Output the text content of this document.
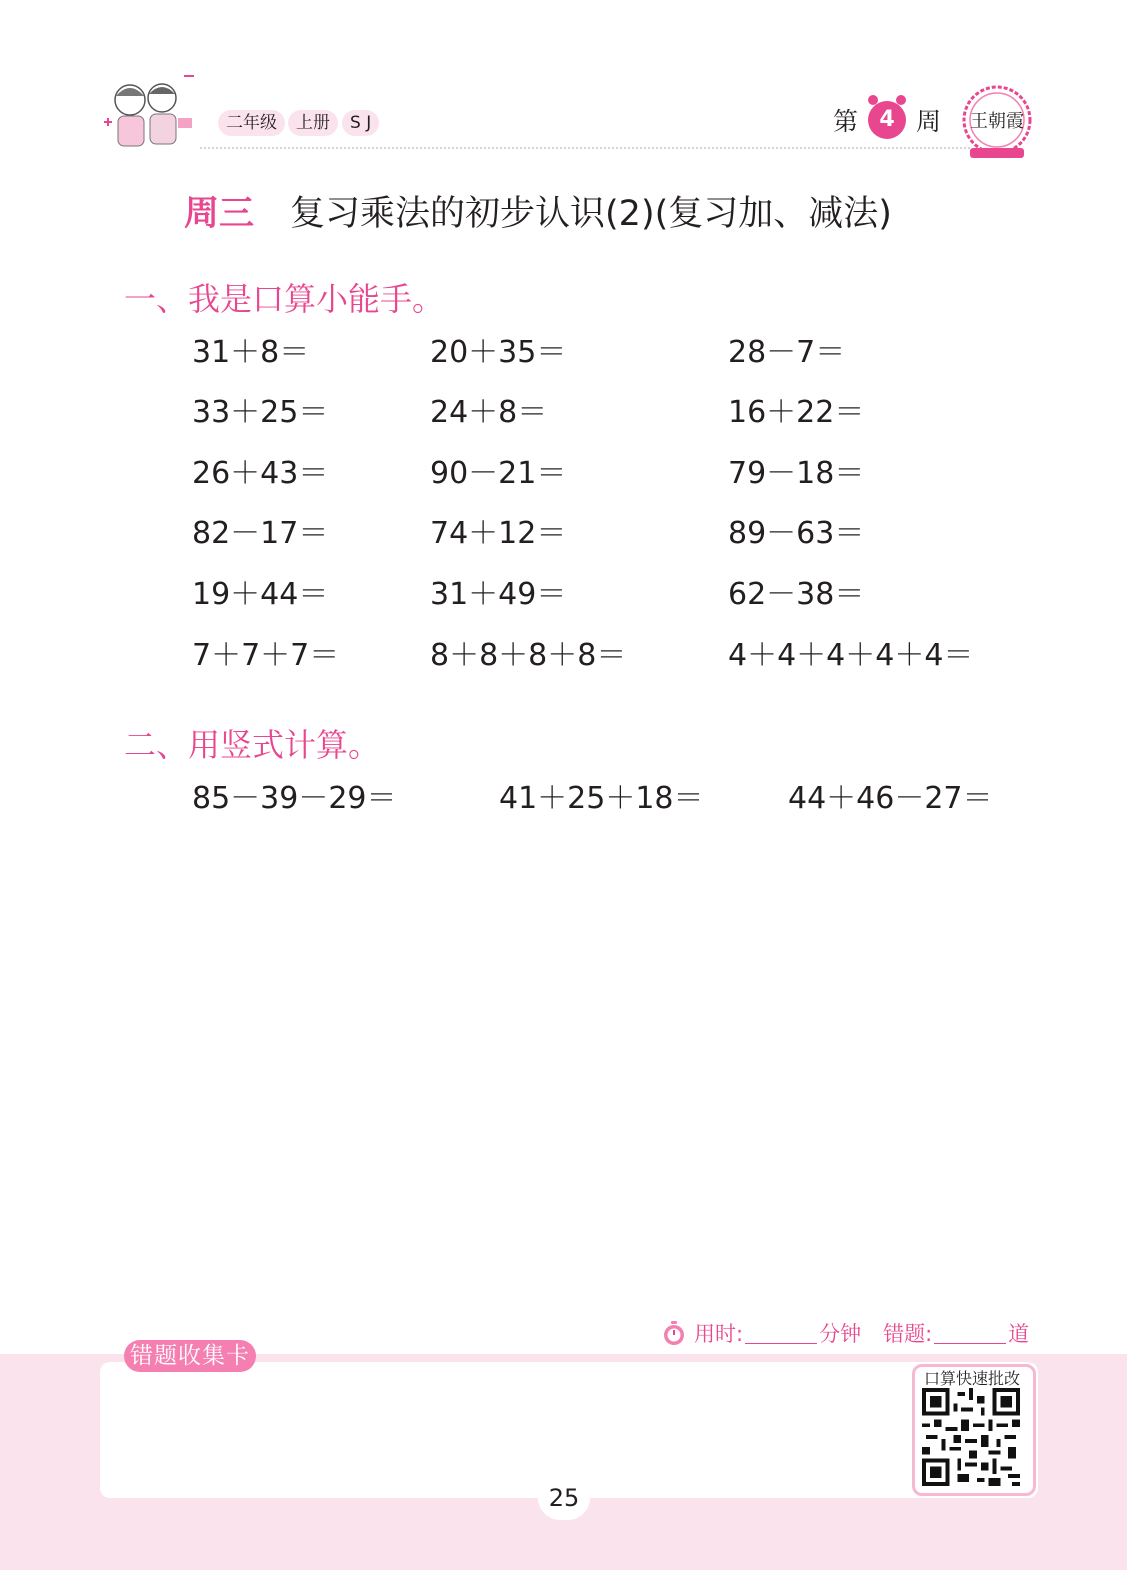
二年级	上册	S J	第 4 周 王朝霞
周三 复习乘法的初步认识(2)(复习加、减法)
一、我是口算小能手。
31＋8＝	20＋35＝	28－7＝
33＋25＝	24＋8＝	16＋22＝
26＋43＝	90－21＝	79－18＝
82－17＝	74＋12＝	89－63＝
19＋44＝	31＋49＝	62－38＝
7＋7＋7＝	8＋8＋8＋8＝	4＋4＋4＋4＋4＝
二、用竖式计算。
85－39－29＝	41＋25＋18＝	44＋46－27＝
用时:	分钟 错题:	道
错题收集卡
口算快速批改
25
